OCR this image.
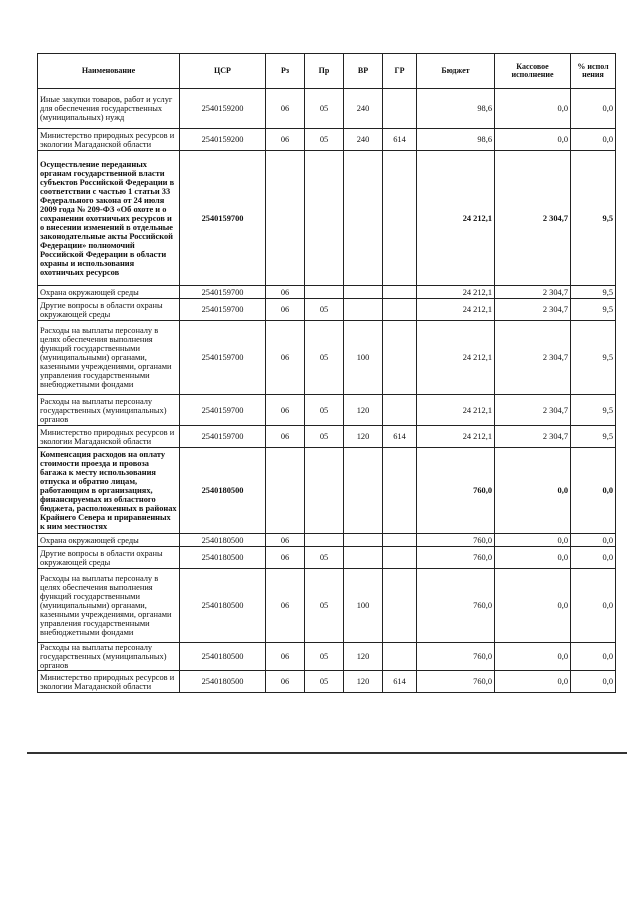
Наименование	ЦСР	Рз	Пр	ВР	ГР	Бюджет	Кассовое исполнение	% испол нения
Иные закупки товаров, работ и услуг для обеспечения государственных (муниципальных) нужд	2540159200	06	05	240		98,6	0,0	0,0
Министерство природных ресурсов и экологии Магаданской области	2540159200	06	05	240	614	98,6	0,0	0,0
Осуществление переданных органам государственной власти субъектов Российской Федерации в соответствии с частью 1 статьи 33 Федерального закона от 24 июля 2009 года № 209-ФЗ «Об охоте и о сохранении охотничьих ресурсов и о внесении изменений в отдельные законодательные акты Российской Федерации» полномочий Российской Федерации в области охраны и использования охотничьих ресурсов	2540159700					24 212,1	2 304,7	9,5
Охрана окружающей среды	2540159700	06				24 212,1	2 304,7	9,5
Другие вопросы в области охраны окружающей среды	2540159700	06	05			24 212,1	2 304,7	9,5
Расходы на выплаты персоналу в целях обеспечения выполнения функций государственными (муниципальными) органами, казенными учреждениями, органами управления государственными внебюджетными фондами	2540159700	06	05	100		24 212,1	2 304,7	9,5
Расходы на выплаты персоналу государственных (муниципальных) органов	2540159700	06	05	120		24 212,1	2 304,7	9,5
Министерство природных ресурсов и экологии Магаданской области	2540159700	06	05	120	614	24 212,1	2 304,7	9,5
Компенсация расходов на оплату стоимости проезда и провоза багажа к месту использования отпуска и обратно лицам, работающим в организациях, финансируемых из областного бюджета, расположенных в районах Крайнего Севера и приравненных к ним местностях	2540180500					760,0	0,0	0,0
Охрана окружающей среды	2540180500	06				760,0	0,0	0,0
Другие вопросы в области охраны окружающей среды	2540180500	06	05			760,0	0,0	0,0
Расходы на выплаты персоналу в целях обеспечения выполнения функций государственными (муниципальными) органами, казенными учреждениями, органами управления государственными внебюджетными фондами	2540180500	06	05	100		760,0	0,0	0,0
Расходы на выплаты персоналу государственных (муниципальных) органов	2540180500	06	05	120		760,0	0,0	0,0
Министерство природных ресурсов и экологии Магаданской области	2540180500	06	05	120	614	760,0	0,0	0,0
